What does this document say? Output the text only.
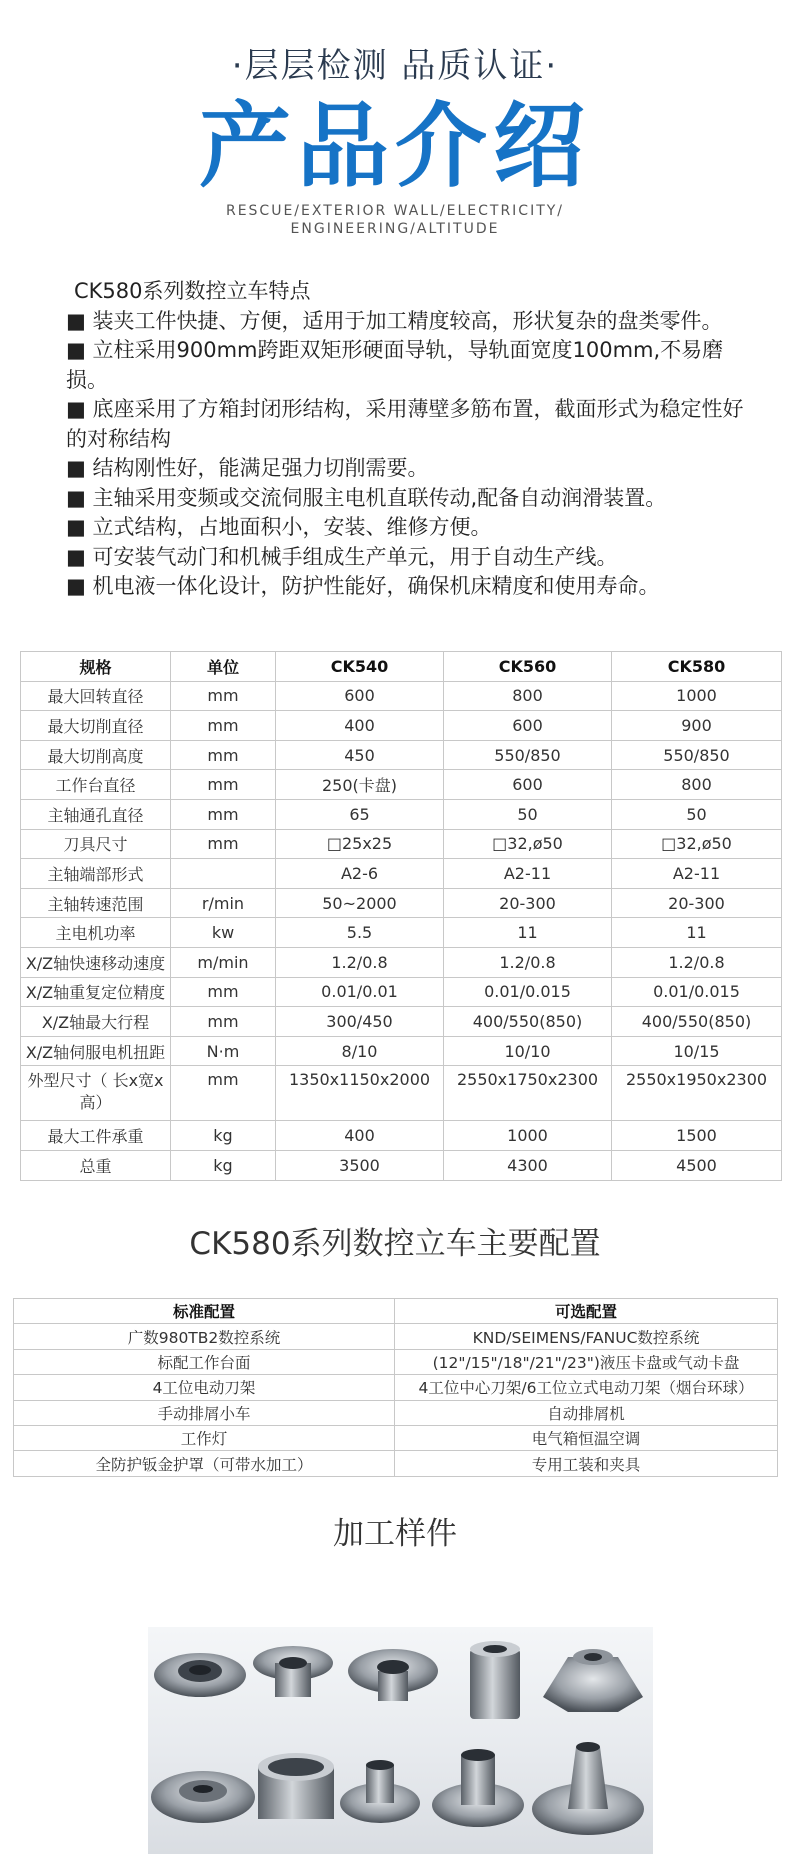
·层层检测 品质认证·
产品介绍
RESCUE/EXTERIOR WALL/ELECTRICITY/
ENGINEERING/ALTITUDE
CK580系列数控立车特点
■ 装夹工件快捷、方便，适用于加工精度较高，形状复杂的盘类零件。
■ 立柱采用900mm跨距双矩形硬面导轨，导轨面宽度100mm,不易磨损。
■ 底座采用了方箱封闭形结构，采用薄壁多筋布置，截面形式为稳定性好的对称结构
■ 结构刚性好，能满足强力切削需要。
■ 主轴采用变频或交流伺服主电机直联传动,配备自动润滑装置。
■ 立式结构，占地面积小，安装、维修方便。
■ 可安装气动门和机械手组成生产单元，用于自动生产线。
■ 机电液一体化设计，防护性能好，确保机床精度和使用寿命。
规格	单位	CK540	CK560	CK580
最大回转直径	mm	600	800	1000
最大切削直径	mm	400	600	900
最大切削高度	mm	450	550/850	550/850
工作台直径	mm	250(卡盘)	600	800
主轴通孔直径	mm	65	50	50
刀具尺寸	mm	□25x25	□32,ø50	□32,ø50
主轴端部形式		A2-6	A2-11	A2-11
主轴转速范围	r/min	50~2000	20-300	20-300
主电机功率	kw	5.5	11	11
X/Z轴快速移动速度	m/min	1.2/0.8	1.2/0.8	1.2/0.8
X/Z轴重复定位精度	mm	0.01/0.01	0.01/0.015	0.01/0.015
X/Z轴最大行程	mm	300/450	400/550(850)	400/550(850)
X/Z轴伺服电机扭距	N·m	8/10	10/10	10/15
外型尺寸（ 长x宽x高）	mm	1350x1150x2000	2550x1750x2300	2550x1950x2300
最大工件承重	kg	400	1000	1500
总重	kg	3500	4300	4500
CK580系列数控立车主要配置
标准配置	可选配置
广数980TB2数控系统	KND/SEIMENS/FANUC数控系统
标配工作台面	(12"/15"/18"/21"/23")液压卡盘或气动卡盘
4工位电动刀架	4工位中心刀架/6工位立式电动刀架（烟台环球）
手动排屑小车	自动排屑机
工作灯	电气箱恒温空调
全防护钣金护罩（可带水加工）	专用工装和夹具
加工样件
